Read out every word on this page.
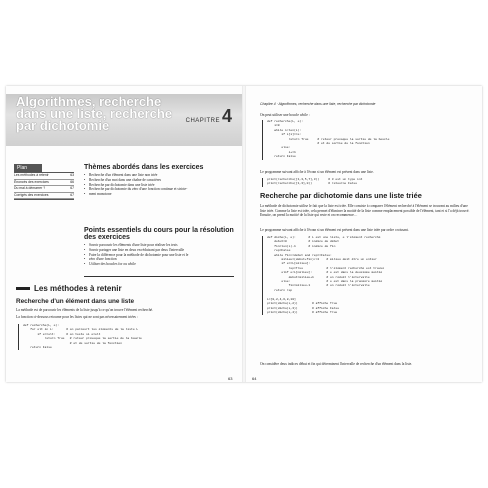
Algorithmes, recherche dans une liste, recherche par dichotomie	CHAPITRE 4
Plan
Les méthodes à retenir	63
Énoncés des exercices	66
Du mal à démarrer ?	67
Corrigés des exercices	67
Thèmes abordés dans les exercices
• Recherche d'un élément dans une liste non triée
• Recherche d'un mot dans une chaîne de caractères
• Recherche par dichotomie dans une liste triée
• Recherche par dichotomie du zéro d'une fonction continue et stricte-
• ment monotone
Points essentiels du cours pour la résolution des exercices
• Savoir parcourir les éléments d'une liste pour réaliser les tests
• Savoir partager une liste en deux en réduisant par deux l'intervalle
• Faire la différence pour la méthode de dichotomie pour une liste et le
• zéro d'une fonction
• Utiliser des boucles for ou while
Les méthodes à retenir
Recherche d'un élément dans une liste
La méthode est de parcourir les éléments de la liste jusqu'à ce qu'on trouve l'élément recherché.
La fonction ci-dessous retourne pour les listes qui ne sont pas nécessairement triées :
def recherche(L, e):
for elt in L:       # on parcourt les éléments de la liste L
if e==elt:      # on teste si e=elt
return True   # retour provoque la sortie de la boucle
# et de sortie de la fonction
return False
63
Chapitre 4 · Algorithmes, recherche dans une liste, recherche par dichotomie
On peut utiliser une boucle while :
def recherche(L, e):
i=0
while i<len(L):
if L[i]==e:
return True     # retour provoque la sortie de la boucle
# et de sortie de la fonction
else:
i+=1
return False
Le programme suivant affiche à l'écran si un élément est présent dans une liste.
print(recherche([1,3,5,7],3))     # 3 est un type int
print(recherche([1,3],0))         # retourne False
Recherche par dichotomie dans une liste triée
La méthode de dichotomie utilise le fait que la liste est triée. Elle consiste à comparer l'élément recherché à l'élément se trouvant au milieu d'une liste triée. Comme la liste est triée, cela permet d'éliminer la moitié de la liste comme emplacement possible de l'élément, tant et si l'a déjà trouvé. Ensuite, on prend la moitié de la liste qui reste et on recommence…
Le programme suivant affiche à l'écran si un élément est présent dans une liste triée par ordre croissant.
def dicho(L, e):       # L est une liste, e l'élément recherché
debut=0            # indice de début
fin=len(L)-1       # indice de fin
rep=False
while fin>=debut and rep==False:
milieu=(debut+fin)//2    # milieu doit être un entier
if e==L[milieu]:
rep=True             # l'élément recherché est trouvé
elif e<L[milieu]:        # e est dans la deuxième moitié
debut=milieu+1       # on réduit l'intervalle
else:                    # e est dans la première moitié
fin=milieu-1         # on réduit l'intervalle
return rep

L=[0,2,4,6,8,10]
print(dicho(L,2))        # affiche True
print(dicho(L,3))        # affiche False
print(dicho(L,4))        # affiche True
On considère deux indices début et fin qui déterminent l'intervalle de recherche d'un élément dans la liste.
64
